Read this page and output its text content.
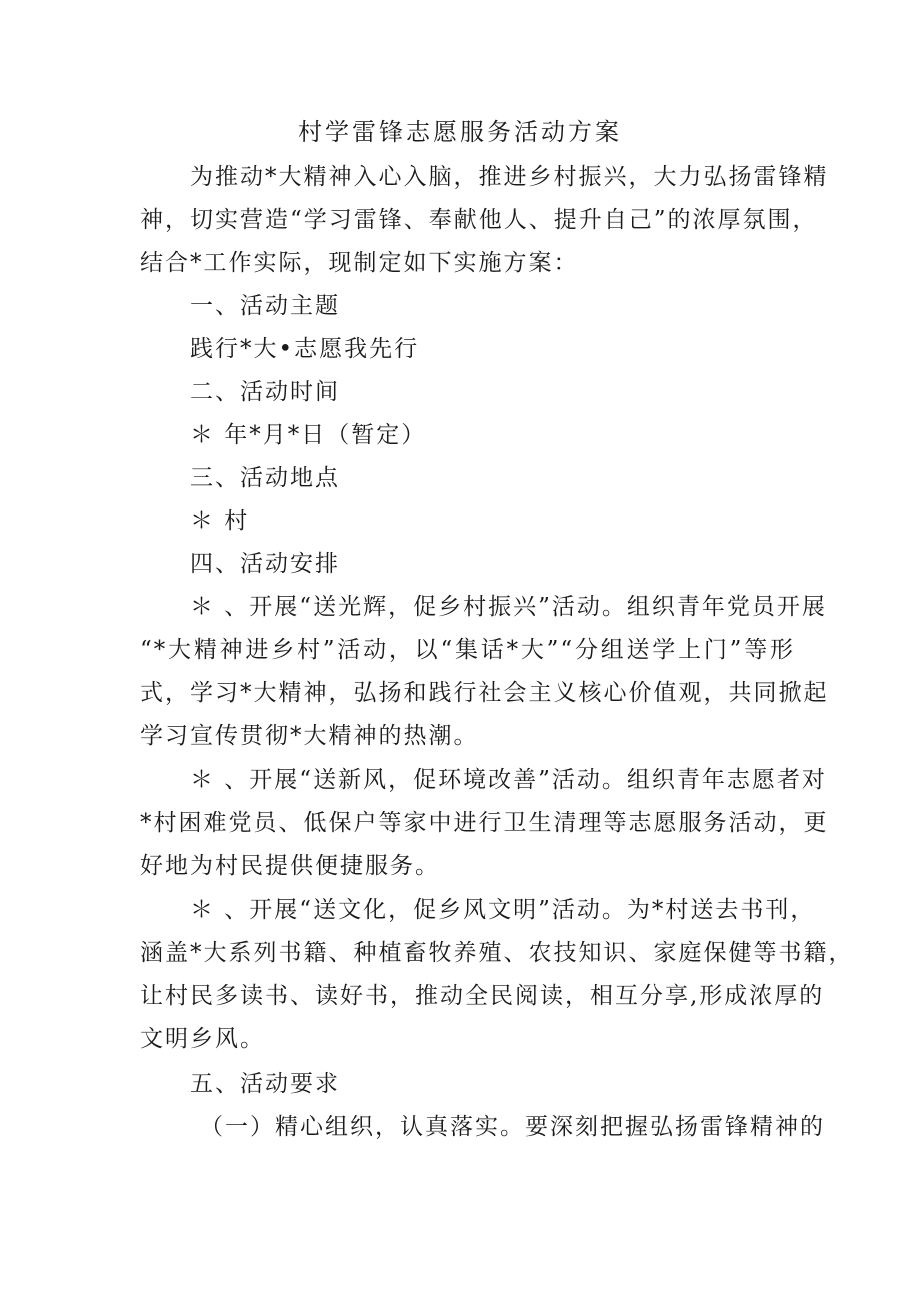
村学雷锋志愿服务活动方案
为推动*大精神入心入脑，推进乡村振兴，大力弘扬雷锋精
神，切实营造“学习雷锋、奉献他人、提升自己”的浓厚氛围，
结合*工作实际，现制定如下实施方案：
一、活动主题
践行*大•志愿我先行
二、活动时间
＊ 年*月*日（暂定）
三、活动地点
＊ 村
四、活动安排
＊ 、开展“送光辉，促乡村振兴”活动。组织青年党员开展
“*大精神进乡村”活动，以“集话*大”“分组送学上门”等形
式，学习*大精神，弘扬和践行社会主义核心价值观，共同掀起
学习宣传贯彻*大精神的热潮。
＊ 、开展“送新风，促环境改善”活动。组织青年志愿者对
*村困难党员、低保户等家中进行卫生清理等志愿服务活动，更
好地为村民提供便捷服务。
＊ 、开展“送文化，促乡风文明”活动。为*村送去书刊，
涵盖*大系列书籍、种植畜牧养殖、农技知识、家庭保健等书籍，
让村民多读书、读好书，推动全民阅读，相互分享,形成浓厚的
文明乡风。
五、活动要求
（一）精心组织，认真落实。要深刻把握弘扬雷锋精神的
